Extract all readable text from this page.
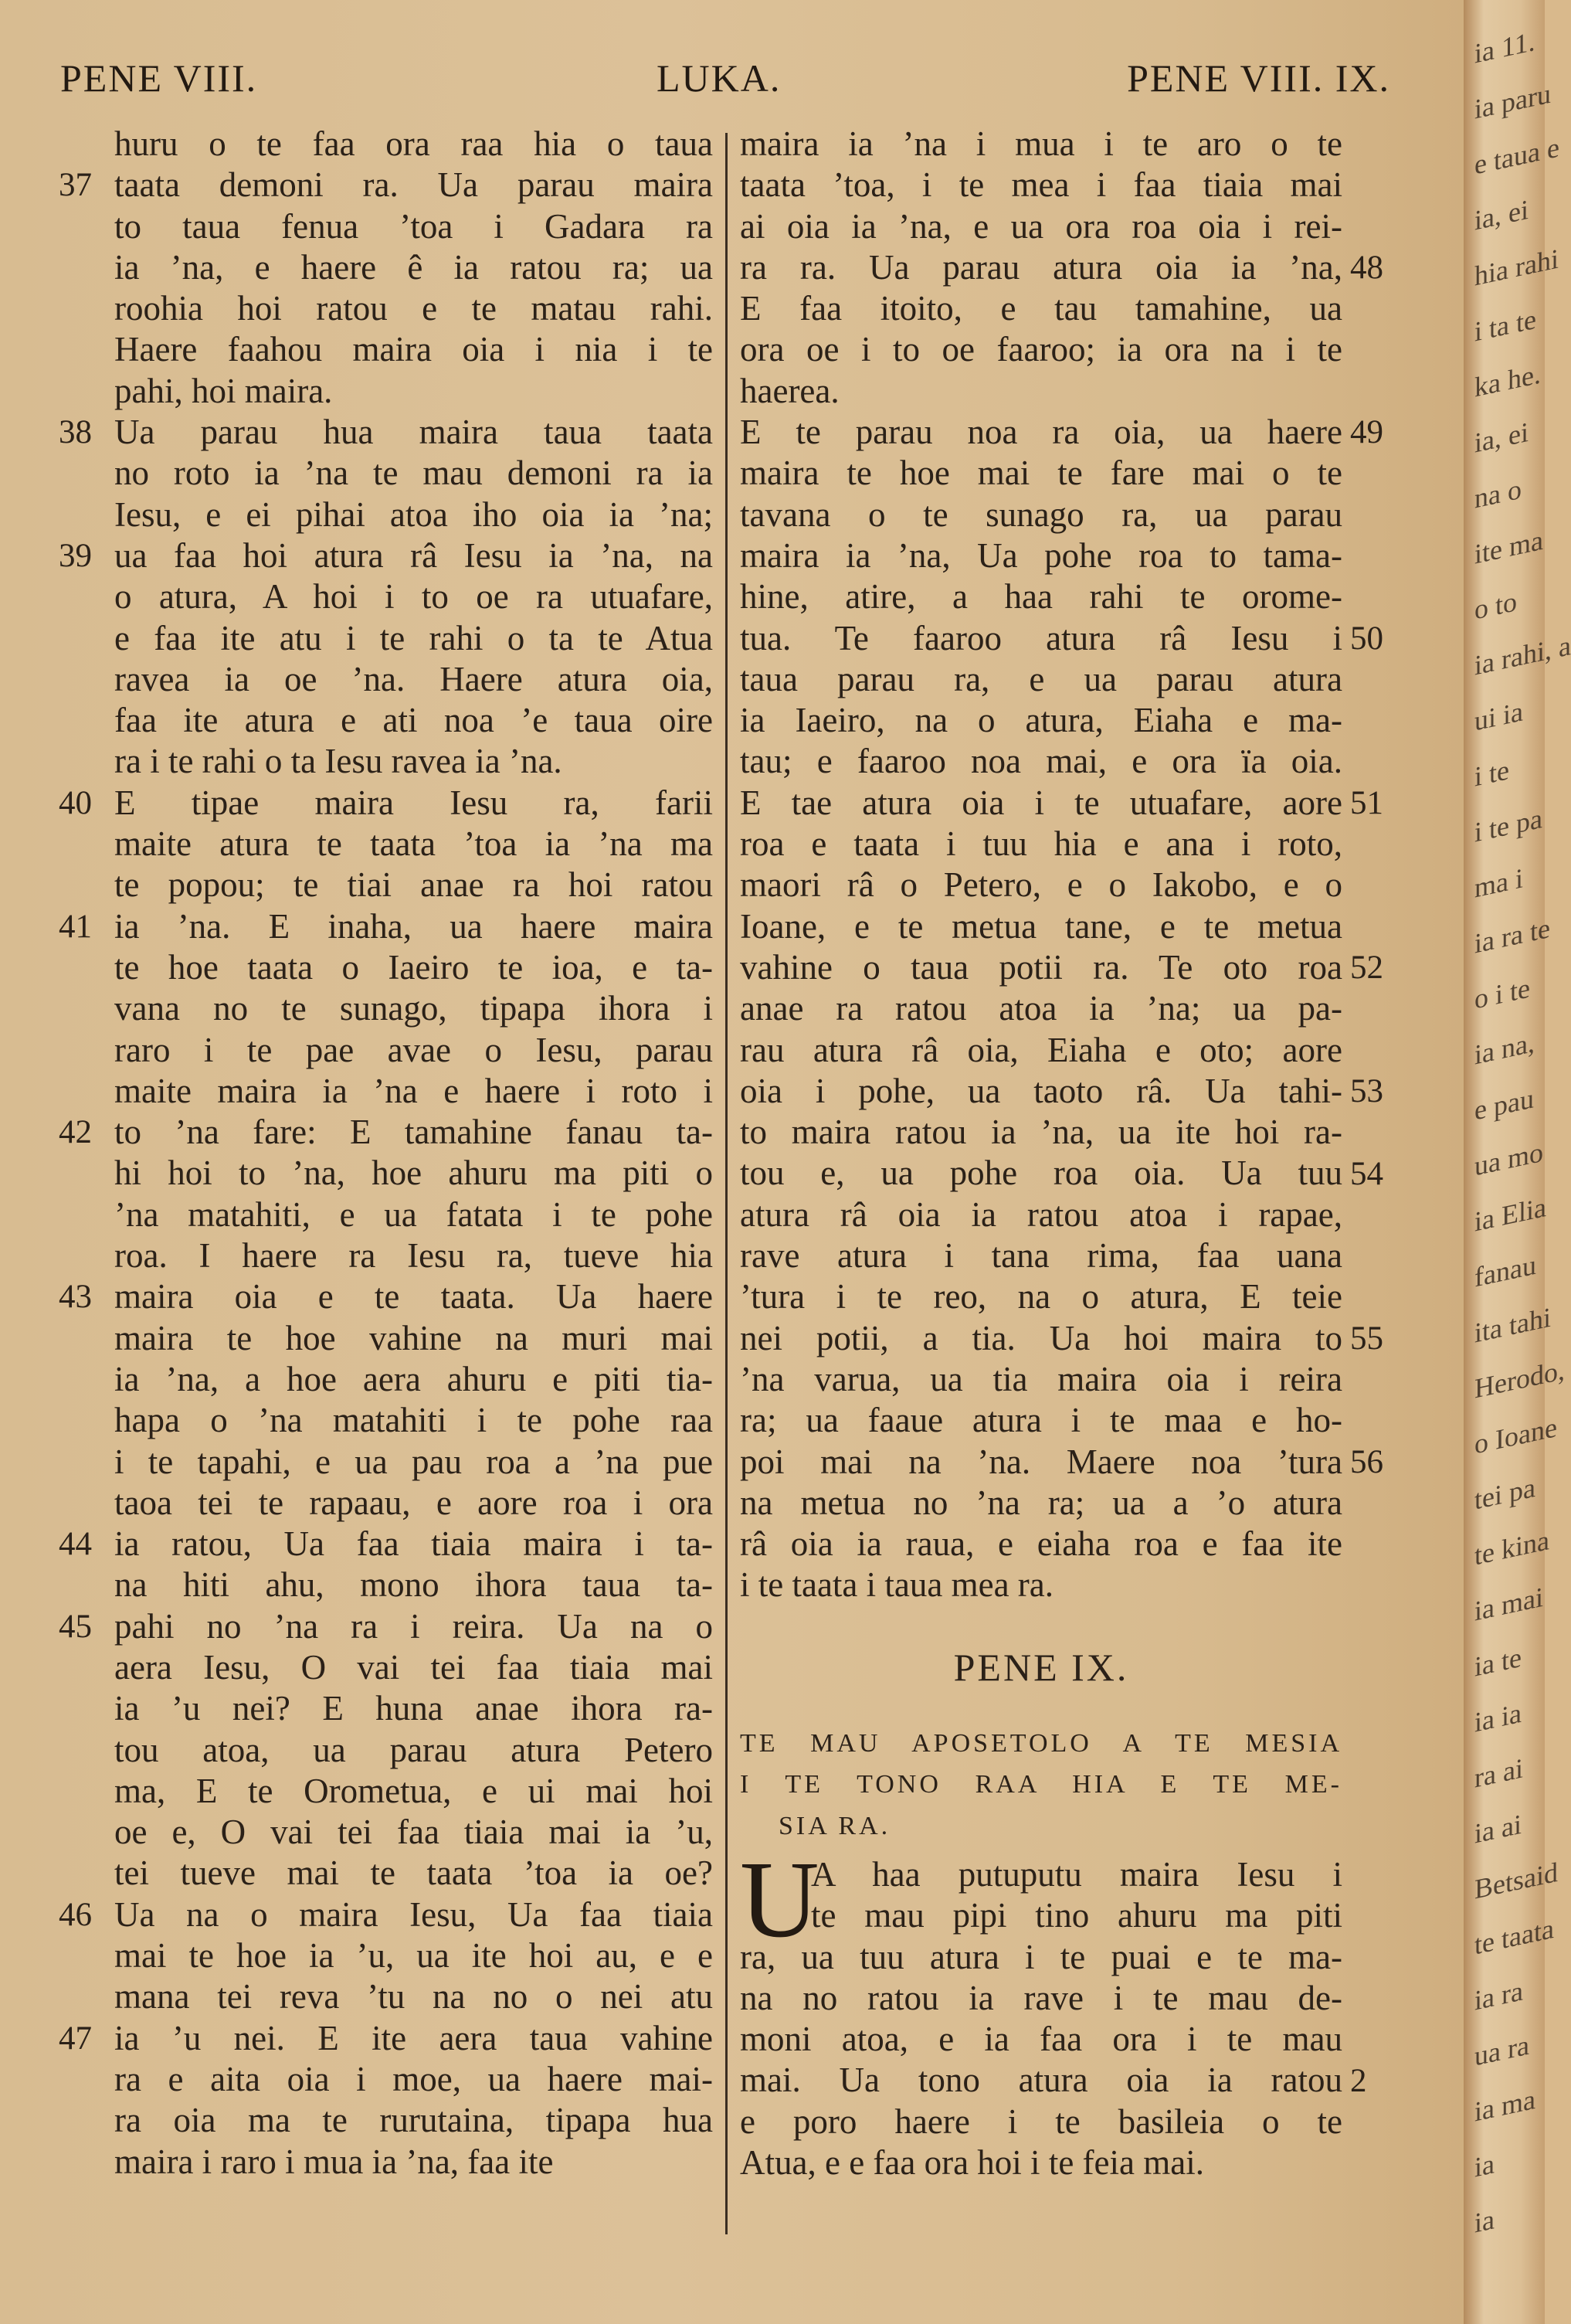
PENE VIII.	LUKA.	PENE VIII. IX.
huru o te faa ora raa hia o taua
taata demoni ra. Ua parau maira
to taua fenua ’toa i Gadara ra
ia ’na, e haere ê ia ratou ra; ua
roohia hoi ratou e te matau rahi.
Haere faahou maira oia i nia i te
pahi, hoi maira.
Ua parau hua maira taua taata
no roto ia ’na te mau demoni ra ia
Iesu, e ei pihai atoa iho oia ia ’na;
ua faa hoi atura râ Iesu ia ’na, na
o atura, A hoi i to oe ra utuafare,
e faa ite atu i te rahi o ta te Atua
ravea ia oe ’na. Haere atura oia,
faa ite atura e ati noa ’e taua oire
ra i te rahi o ta Iesu ravea ia ’na.
E tipae maira Iesu ra, farii
maite atura te taata ’toa ia ’na ma
te popou; te tiai anae ra hoi ratou
ia ’na. E inaha, ua haere maira
te hoe taata o Iaeiro te ioa, e ta-
vana no te sunago, tipapa ihora i
raro i te pae avae o Iesu, parau
maite maira ia ’na e haere i roto i
to ’na fare: E tamahine fanau ta-
hi hoi to ’na, hoe ahuru ma piti o
’na matahiti, e ua fatata i te pohe
roa. I haere ra Iesu ra, tueve hia
maira oia e te taata. Ua haere
maira te hoe vahine na muri mai
ia ’na, a hoe aera ahuru e piti tia-
hapa o ’na matahiti i te pohe raa
i te tapahi, e ua pau roa a ’na pue
taoa tei te rapaau, e aore roa i ora
ia ratou, Ua faa tiaia maira i ta-
na hiti ahu, mono ihora taua ta-
pahi no ’na ra i reira. Ua na o
aera Iesu, O vai tei faa tiaia mai
ia ’u nei? E huna anae ihora ra-
tou atoa, ua parau atura Petero
ma, E te Orometua, e ui mai hoi
oe e, O vai tei faa tiaia mai ia ’u,
tei tueve mai te taata ’toa ia oe?
Ua na o maira Iesu, Ua faa tiaia
mai te hoe ia ’u, ua ite hoi au, e e
mana tei reva ’tu na no o nei atu
ia ’u nei. E ite aera taua vahine
ra e aita oia i moe, ua haere mai-
ra oia ma te rurutaina, tipapa hua
maira i raro i mua ia ’na, faa ite
37
38
39
40
41
42
43
44
45
46
47
maira ia ’na i mua i te aro o te
taata ’toa, i te mea i faa tiaia mai
ai oia ia ’na, e ua ora roa oia i rei-
ra ra. Ua parau atura oia ia ’na,
E faa itoito, e tau tamahine, ua
ora oe i to oe faaroo; ia ora na i te
haerea.
E te parau noa ra oia, ua haere
maira te hoe mai te fare mai o te
tavana o te sunago ra, ua parau
maira ia ’na, Ua pohe roa to tama-
hine, atire, a haa rahi te orome-
tua. Te faaroo atura râ Iesu i
taua parau ra, e ua parau atura
ia Iaeiro, na o atura, Eiaha e ma-
tau; e faaroo noa mai, e ora ïa oia.
E tae atura oia i te utuafare, aore
roa e taata i tuu hia e ana i roto,
maori râ o Petero, e o Iakobo, e o
Ioane, e te metua tane, e te metua
vahine o taua potii ra. Te oto roa
anae ra ratou atoa ia ’na; ua pa-
rau atura râ oia, Eiaha e oto; aore
oia i pohe, ua taoto râ. Ua tahi-
to maira ratou ia ’na, ua ite hoi ra-
tou e, ua pohe roa oia. Ua tuu
atura râ oia ia ratou atoa i rapae,
rave atura i tana rima, faa uana
’tura i te reo, na o atura, E teie
nei potii, a tia. Ua hoi maira to
’na varua, ua tia maira oia i reira
ra; ua faaue atura i te maa e ho-
poi mai na ’na. Maere noa ’tura
na metua no ’na ra; ua a ’o atura
râ oia ia raua, e eiaha roa e faa ite
i te taata i taua mea ra.
48
49
50
51
52
53
54
55
56
PENE IX.
TE MAU APOSETOLO A TE MESIA
I TE TONO RAA HIA E TE ME-
SIA RA.
U
A haa putuputu maira Iesu i
te mau pipi tino ahuru ma piti
ra, ua tuu atura i te puai e te ma-
na no ratou ia rave i te mau de-
moni atoa, e ia faa ora i te mau
mai. Ua tono atura oia ia ratou
e poro haere i te basileia o te
Atua, e e faa ora hoi i te feia mai.
2
ia 11.
ia paru
e taua e
ia, ei
hia rahi
i ta te
ka he.
ia, ei
na o
ite ma
o to
ia rahi, a
ui ia
i te
i te pa
ma i
ia ra te
o i te
ia na,
e pau
ua mo
ia Elia
fanau
ita tahi
Herodo,
o Ioane
tei pa
te kina
ia mai
ia te
ia ia
ra ai
ia ai
Betsaid
te taata
ia ra
ua ra
ia ma
ia
ia
